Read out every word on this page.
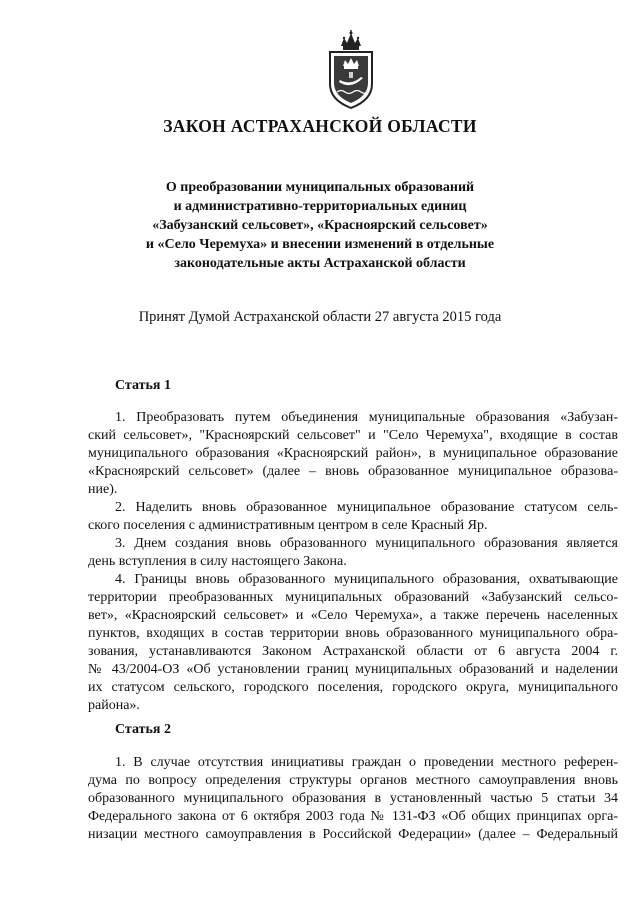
ЗАКОН АСТРАХАНСКОЙ ОБЛАСТИ
О преобразовании муниципальных образований
и административно-территориальных единиц
«Забузанский сельсовет», «Красноярский сельсовет»
и «Село Черемуха» и внесении изменений в отдельные
законодательные акты Астраханской области
Принят Думой Астраханской области 27 августа 2015 года
Статья 1
1. Преобразовать путем объединения муниципальные образования «Забузан-
ский сельсовет», "Красноярский сельсовет" и "Село Черемуха", входящие в состав
муниципального образования «Красноярский район», в муниципальное образование
«Красноярский сельсовет» (далее – вновь образованное муниципальное образова-
ние).
2. Наделить вновь образованное муниципальное образование статусом сель-
ского поселения с административным центром в селе Красный Яр.
3. Днем создания вновь образованного муниципального образования является
день вступления в силу настоящего Закона.
4. Границы вновь образованного муниципального образования, охватывающие
территории преобразованных муниципальных образований «Забузанский сельсо-
вет», «Красноярский сельсовет» и «Село Черемуха», а также перечень населенных
пунктов, входящих в состав территории вновь образованного муниципального обра-
зования, устанавливаются Законом Астраханской области от 6 августа 2004 г.
№ 43/2004-ОЗ «Об установлении границ муниципальных образований и наделении
их статусом сельского, городского поселения, городского округа, муниципального
района».
Статья 2
1. В случае отсутствия инициативы граждан о проведении местного референ-
дума по вопросу определения структуры органов местного самоуправления вновь
образованного муниципального образования в установленный частью 5 статьи 34
Федерального закона от 6 октября 2003 года № 131-ФЗ «Об общих принципах орга-
низации местного самоуправления в Российской Федерации» (далее – Федеральный
